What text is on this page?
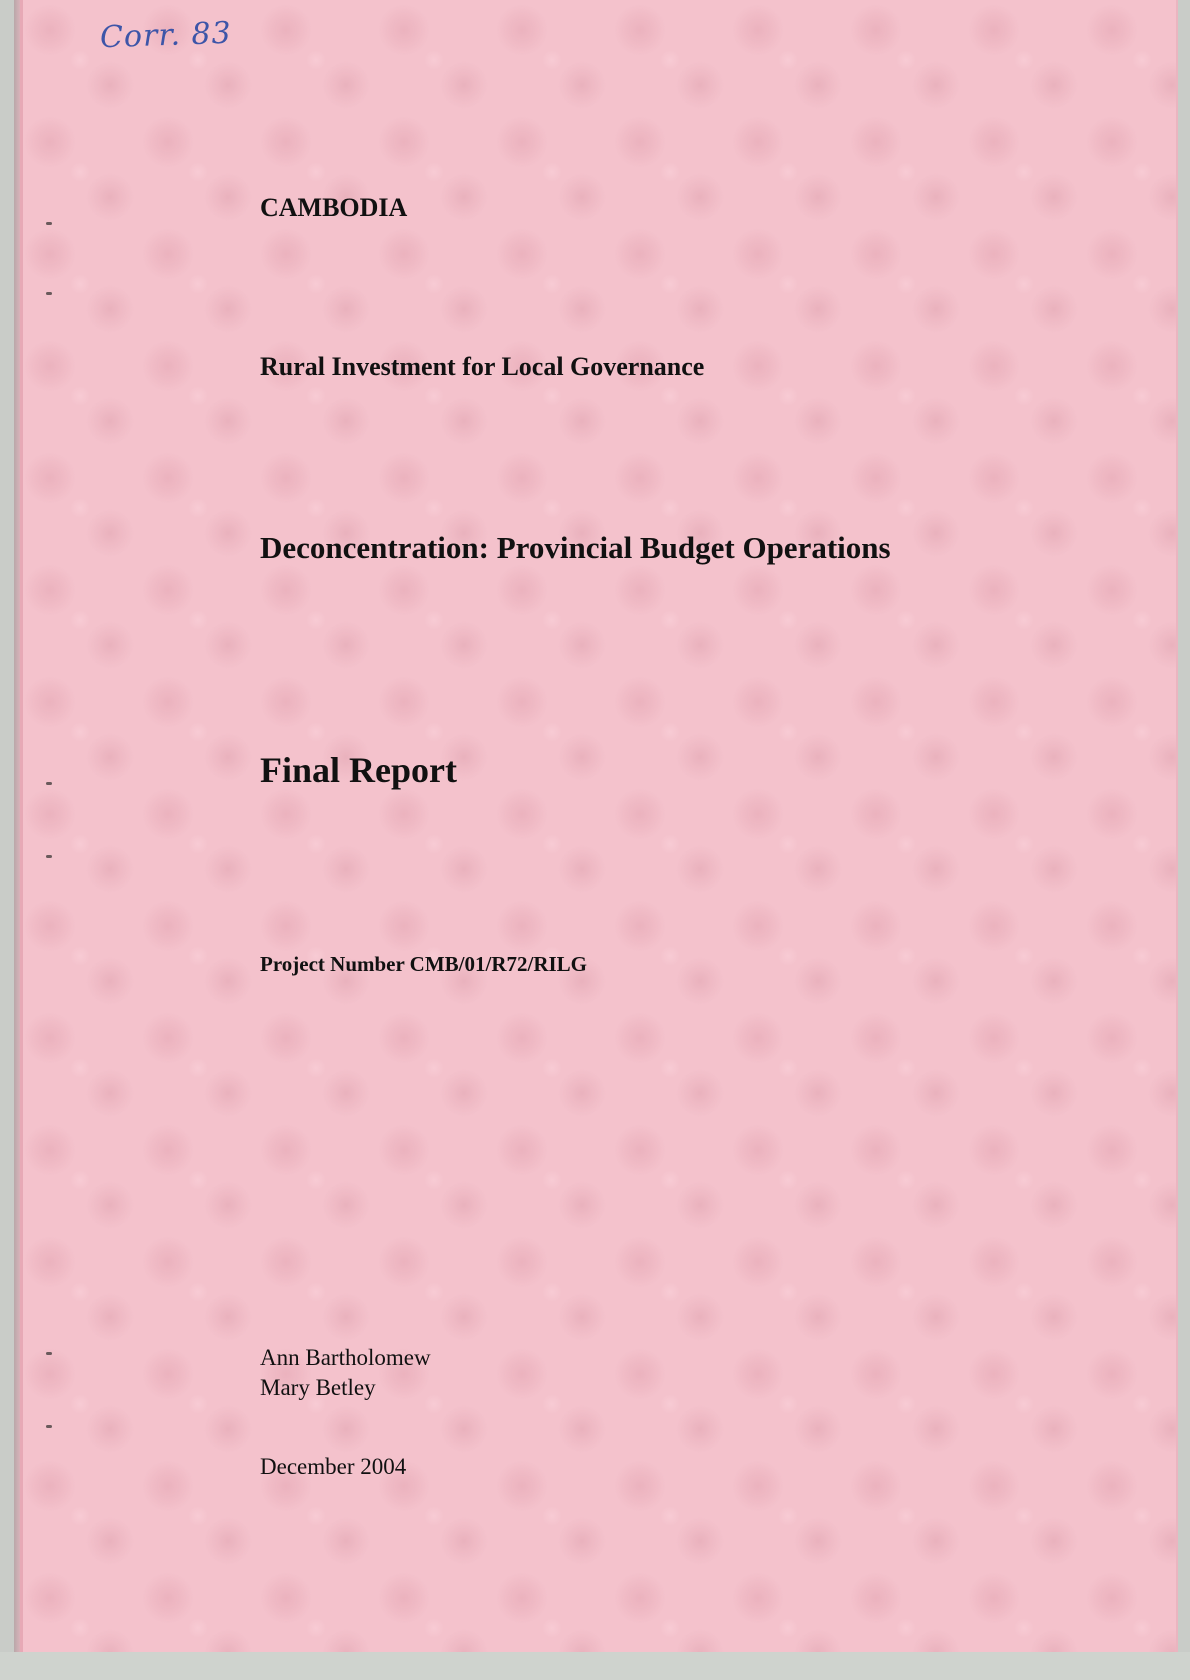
Corr. 83
CAMBODIA
Rural Investment for Local Governance
Deconcentration: Provincial Budget Operations
Final Report
Project Number CMB/01/R72/RILG
Ann Bartholomew
Mary Betley
December 2004
